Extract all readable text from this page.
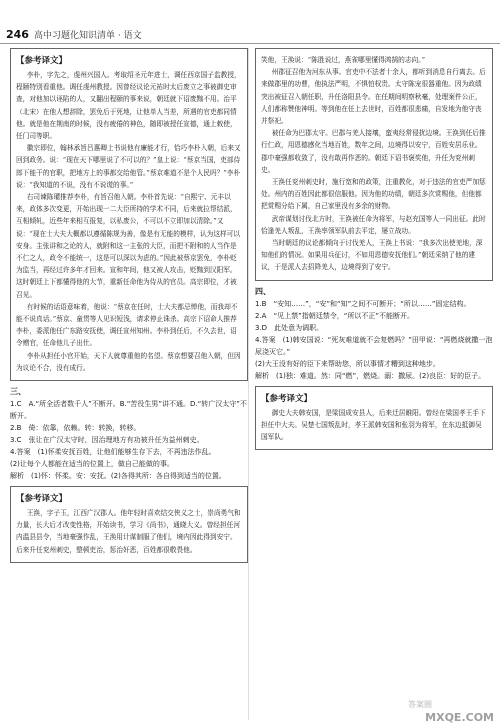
246 高中习题化知识清单 · 语文
【参考译文】

李朴，字先之，虔州兴国人。考取绍圣元年进士，调任西京国子监教授，程颐特别看重他。调任虔州教授。因曾经议论元祐时太后废立之事被御史审查，对他加以诬陷的人，又翻出程颐的事来说，朝廷就下诏废黜不用。治平（北宋）在他人想辞除，罢免后于死地，让他单人当差，所遇的官吏都同情他。就是他在荆南的时候，没有疲倦的神色，随即被授任宣德，通上敕使，任门司等职。

徽宗即位，翰林承旨吕惠卿上书说他有廉能才行，恰巧李朴入朝，后来又回到政务。说：“现在天下哪里说了不可以的？”皇上说：“蔡京当国，吏部侍郎下能干的官职，把地方上的事都交给他管。”蔡京难道不是个人民吗？”李朴说：“我知道的不说，没有不说谎的事。”

右司谏陈瓘推荐李朴，有旨召他入朝。李朴首先说：“自熙宁、元丰以来，政体多次变更，开始出现一二大臣所持的学术不同，后来就拉帮结派，互相倾轧，近些年来相互报复，以私废公，不可以不立即加以清除。”又说：“现在士大夫大概都以遵循陈规为善，像是有无能的模样，认为这样可以安身。主张讲和之论的人，就附和这一主张的大臣，而把不附和的人当作是不仁之人，政令不能统一，这是可以深以为虑的。”因此被蔡京罢免，李朴贬为监当，再经过许多年才回来。宣和年间，他又被人攻击，贬黜到汉阳军。这时朝廷上下都懂得他的大节，重新任命他为侍从的官员。高宗即位，才被召见。

有时候的话语意味着，他说：“蔡京在任时，士大夫都忌惮他，而我却不能不说真话。”蔡京、童贯等人见识短浅，请求停止诛杀。高宗下诏命人推荐李朴，委派他任广东路安抚使，调任宣州知州。李朴到任后，不久去世，诏令赠官，任命他儿子出仕。

李朴从担任小官开始，天下人就尊重他的名望。蔡京想要召他入朝，但因为议论不合，没有成行。

三、

1.C　A.“所全活者数千人”不断开。B.“苦役生男”讲不通。D.“转广汉太守”不断开。

2.B　倚：依靠，依赖。转：转换，转移。

3.C　张让在广汉太守时，因治理地方有功被升任为益州刺史。

4.答案　(1)怀柔安抚百姓，让他们能够生存下去，不再违法作乱。

(2)让每个人都能在适当的位置上，做自己能做的事。

解析　(1)怀：怀柔。安：安抚。(2)各得其所：各自得到适当的位置。

【参考译文】

王涣，字子玉，江西广汉郡人。他年轻时喜欢结交侠义之士，崇尚勇气和力量，长大后才改变性格，开始读书，学习《尚书》，通晓大义。曾经担任河内温县县令，当地豪强作乱，王涣用计谋制服了他们，境内因此得到安宁。后来升任兖州刺史，整顿吏治，惩治奸恶，百姓都很敬畏他。

笑他，王涣说：“陈胜说过，燕雀哪里懂得鸿鹄的志向。”

州郡征召他为河东从事。官吏中不法者十余人，都听到消息自行离去。后来做郡里的功曹，他执法严明，不惧怕权贵。太守陈宠很器重他。因为政绩突出被征召入朝任职，升任洛阳县令。在任期间明察秋毫，处理案件公正，人们都称赞他神明。等到他在任上去世时，百姓都很悲痛，自发地为他守丧并祭祀。

被任命为巴郡太守。巴郡与羌人接壤，蛮夷经常侵扰边境。王涣到任后推行仁政，用恩德感化当地百姓，数年之间，边境得以安宁，百姓安居乐业。郡中豪强都收敛了，没有敢再作恶的。朝廷下诏书褒奖他，升任为兖州刺史。

王涣任兖州刺史时，施行宽和的政策，注重教化，对于违法的官吏严加惩处。州内的百姓因此都很信服他。因为他的功绩，朝廷多次赏赐他，但他都把赏赐分给下属，自己家里没有多余的财物。

武帝谋划讨伐北方时，王涣被任命为将军，与赵充国等人一同出征。此时恰逢羌人叛乱，王涣率领军队前去平定，屡立战功。

当时朝廷的议论都倾向于讨伐羌人，王涣上书说：“我多次出使羌地，深知他们的情况。如果用兵征讨，不如用恩德安抚他们。”朝廷采纳了他的建议，于是派人去招降羌人，边境得到了安宁。

四、

1.B　“安知……”，“安”和“知”之间不可断开；“所以……”固定结构。

2.A　“见上禁”指朝廷禁令，“所以不正”不能断开。

3.D　此处意为调职。

4.答案　(1)韩安国说：“死灰难道就不会复燃吗？”田甲说：“再燃烧就撒一泡尿浇灭它。”

(2)大王没有好的臣下来帮助您，所以事情才糟到这种地步。

解析　(1)独：难道。然：同“燃”，燃烧。溺：撒尿。(2)良臣：好的臣子。

【参考译文】

御史大夫韩安国，是梁国成安县人，后来迁居睢阳。曾经在梁国孝王手下担任中大夫。吴楚七国叛乱时，孝王派韩安国和张羽为将军，在东边抵御吴国军队。

答案圈
MXQE.COM
